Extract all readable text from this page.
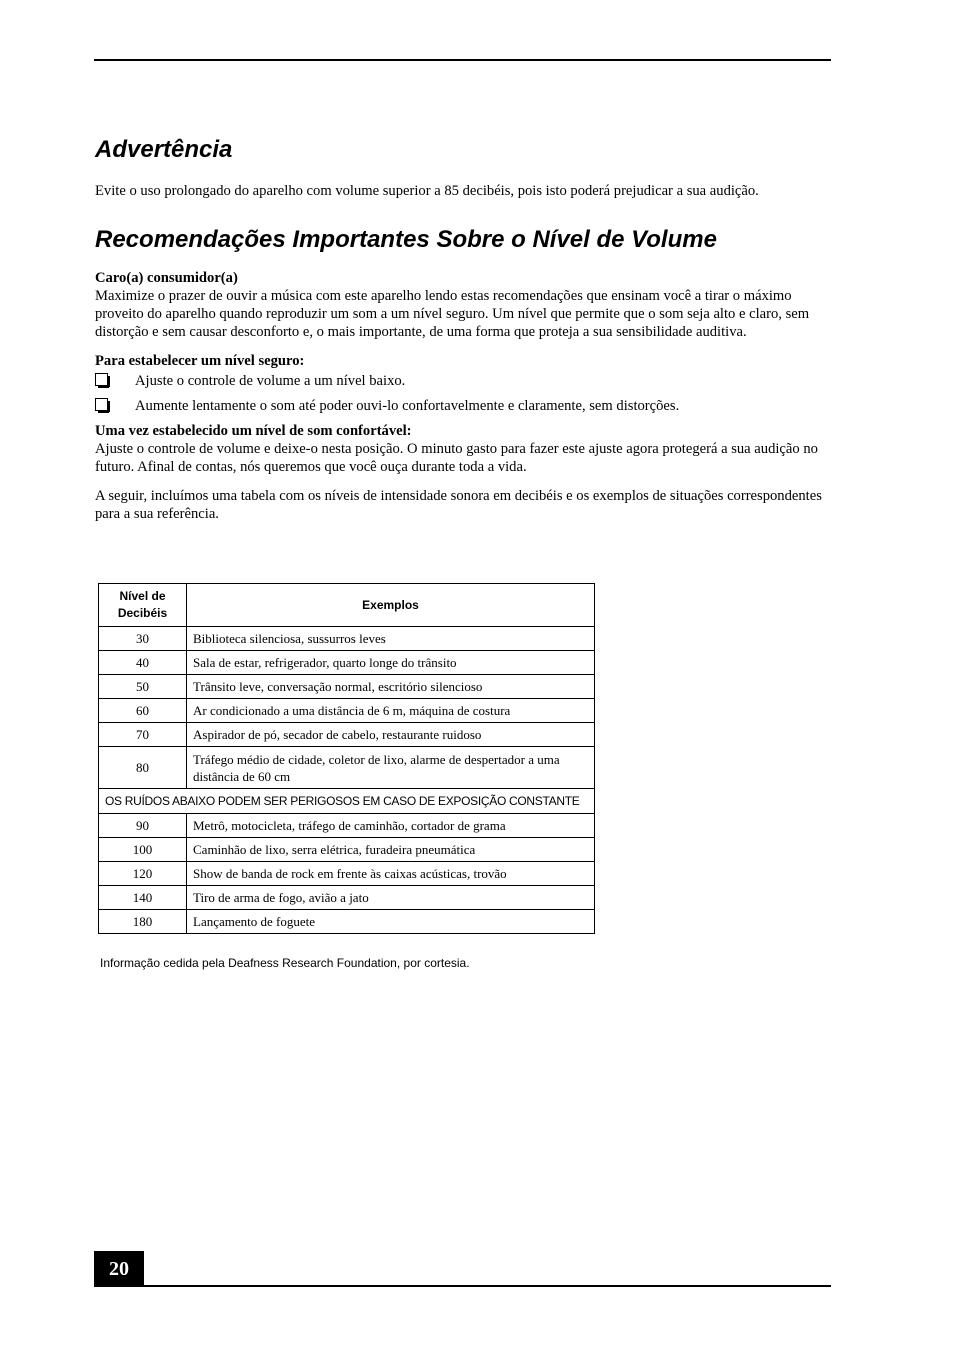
Advertência

Evite o uso prolongado do aparelho com volume superior a 85 decibéis, pois isto poderá prejudicar a sua audição.

Recomendações Importantes Sobre o Nível de Volume

Caro(a) consumidor(a)

Maximize o prazer de ouvir a música com este aparelho lendo estas recomendações que ensinam você a tirar o máximo proveito do aparelho quando reproduzir um som a um nível seguro. Um nível que permite que o som seja alto e claro, sem distorção e sem causar desconforto e, o mais importante, de uma forma que proteja a sua sensibilidade auditiva.

Para estabelecer um nível seguro:

Ajuste o controle de volume a um nível baixo.
Aumente lentamente o som até poder ouvi-lo confortavelmente e claramente, sem distorções.

Uma vez estabelecido um nível de som confortável:

Ajuste o controle de volume e deixe-o nesta posição. O minuto gasto para fazer este ajuste agora protegerá a sua audição no futuro. Afinal de contas, nós queremos que você ouça durante toda a vida.

A seguir, incluímos uma tabela com os níveis de intensidade sonora em decibéis e os exemplos de situações correspondentes para a sua referência.

Nível de Decibéis	Exemplos
30	Biblioteca silenciosa, sussurros leves
40	Sala de estar, refrigerador, quarto longe do trânsito
50	Trânsito leve, conversação normal, escritório silencioso
60	Ar condicionado a uma distância de 6 m, máquina de costura
70	Aspirador de pó, secador de cabelo, restaurante ruidoso
80	Tráfego médio de cidade, coletor de lixo, alarme de despertador a uma distância de 60 cm
OS RUÍDOS ABAIXO PODEM SER PERIGOSOS EM CASO DE EXPOSIÇÃO CONSTANTE	
90	Metrô, motocicleta, tráfego de caminhão, cortador de grama
100	Caminhão de lixo, serra elétrica, furadeira pneumática
120	Show de banda de rock em frente às caixas acústicas, trovão
140	Tiro de arma de fogo, avião a jato
180	Lançamento de foguete
Informação cedida pela Deafness Research Foundation, por cortesia.
20
